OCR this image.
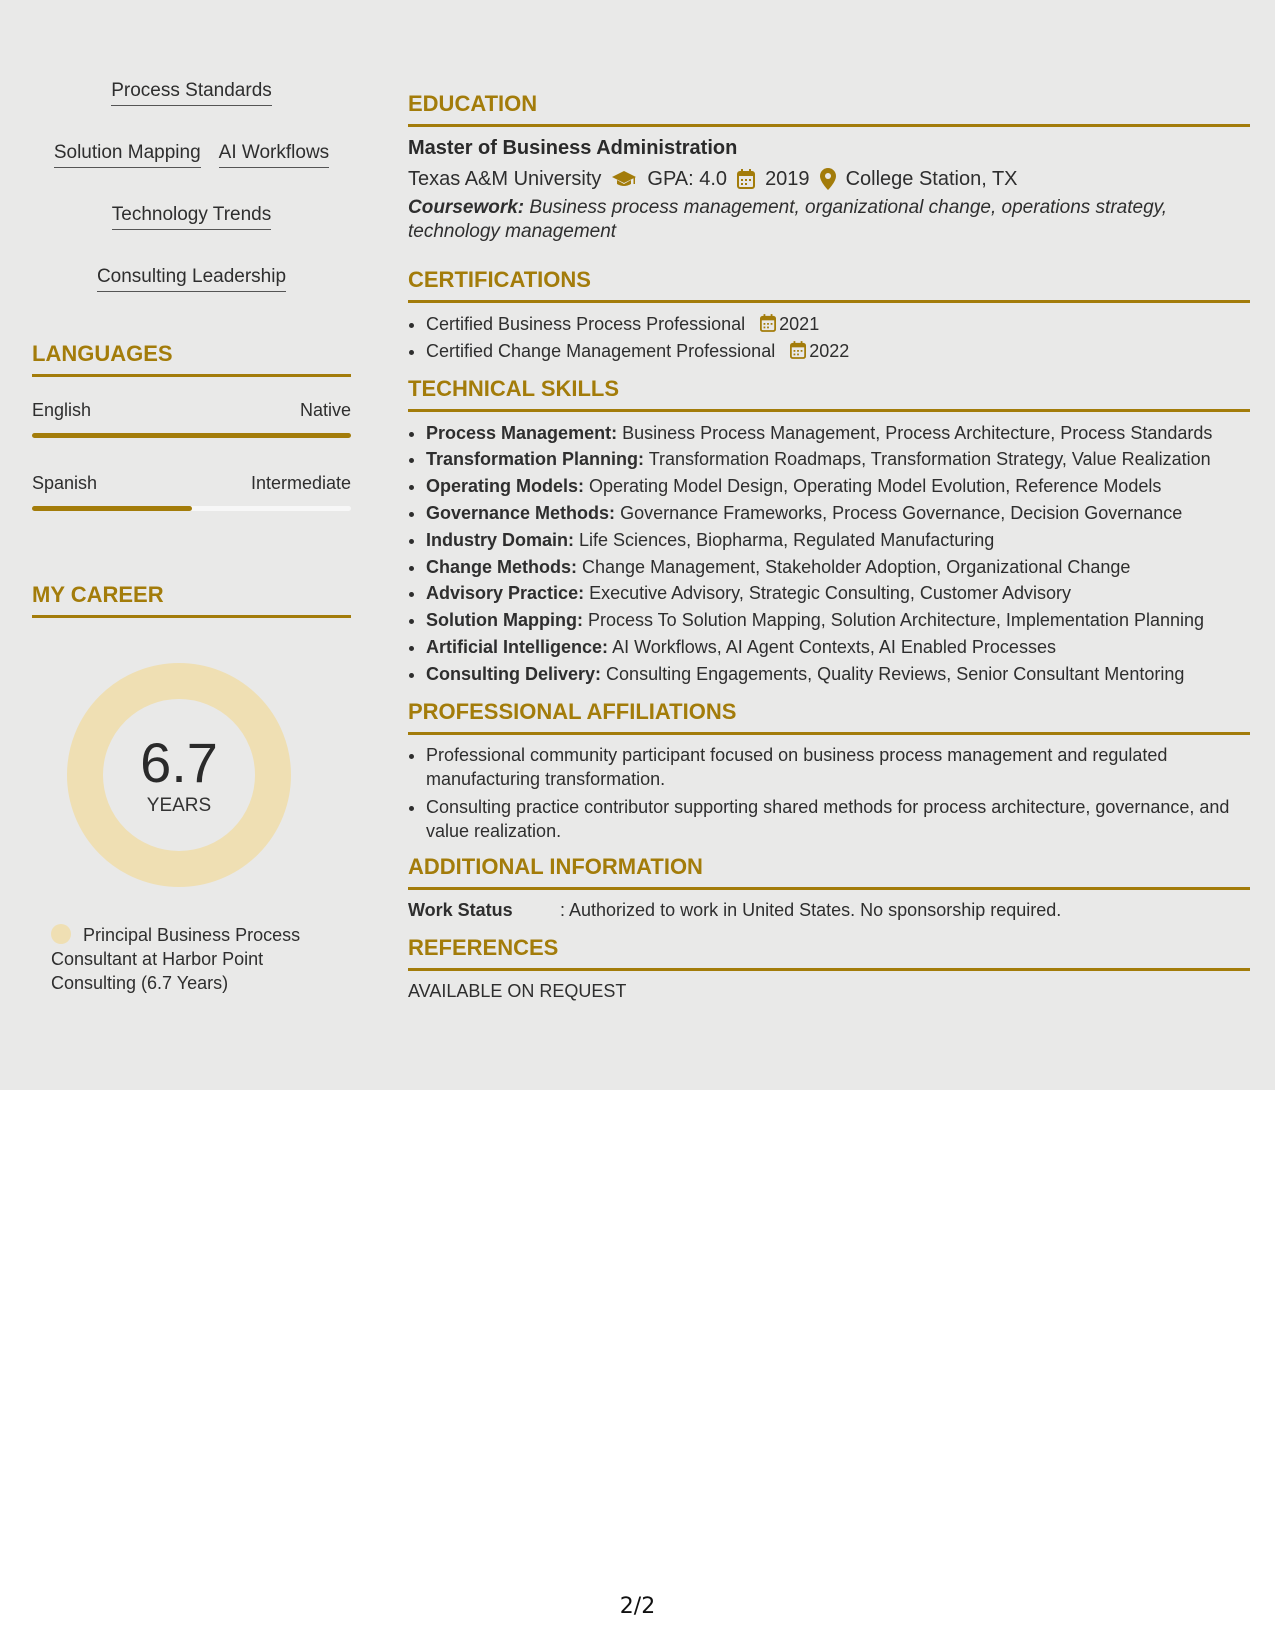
Process Standards
Solution Mapping AI Workflows
Technology Trends
Consulting Leadership
LANGUAGES
English	Native
Spanish	Intermediate
MY CAREER
6.7
YEARS
Principal Business Process Consultant at Harbor Point Consulting (6.7 Years)
EDUCATION
Master of Business Administration
Texas A&M University GPA: 4.0 2019 College Station, TX
Coursework: Business process management, organizational change, operations strategy, technology management
CERTIFICATIONS
• Certified Business Process Professional 2021
• Certified Change Management Professional 2022
TECHNICAL SKILLS
• Process Management: Business Process Management, Process Architecture, Process Standards
• Transformation Planning: Transformation Roadmaps, Transformation Strategy, Value Realization
• Operating Models: Operating Model Design, Operating Model Evolution, Reference Models
• Governance Methods: Governance Frameworks, Process Governance, Decision Governance
• Industry Domain: Life Sciences, Biopharma, Regulated Manufacturing
• Change Methods: Change Management, Stakeholder Adoption, Organizational Change
• Advisory Practice: Executive Advisory, Strategic Consulting, Customer Advisory
• Solution Mapping: Process To Solution Mapping, Solution Architecture, Implementation Planning
• Artificial Intelligence: AI Workflows, AI Agent Contexts, AI Enabled Processes
• Consulting Delivery: Consulting Engagements, Quality Reviews, Senior Consultant Mentoring
PROFESSIONAL AFFILIATIONS
• Professional community participant focused on business process management and regulated manufacturing transformation.
• Consulting practice contributor supporting shared methods for process architecture, governance, and value realization.
ADDITIONAL INFORMATION
Work Status	: Authorized to work in United States. No sponsorship required.
REFERENCES
AVAILABLE ON REQUEST
2/2
